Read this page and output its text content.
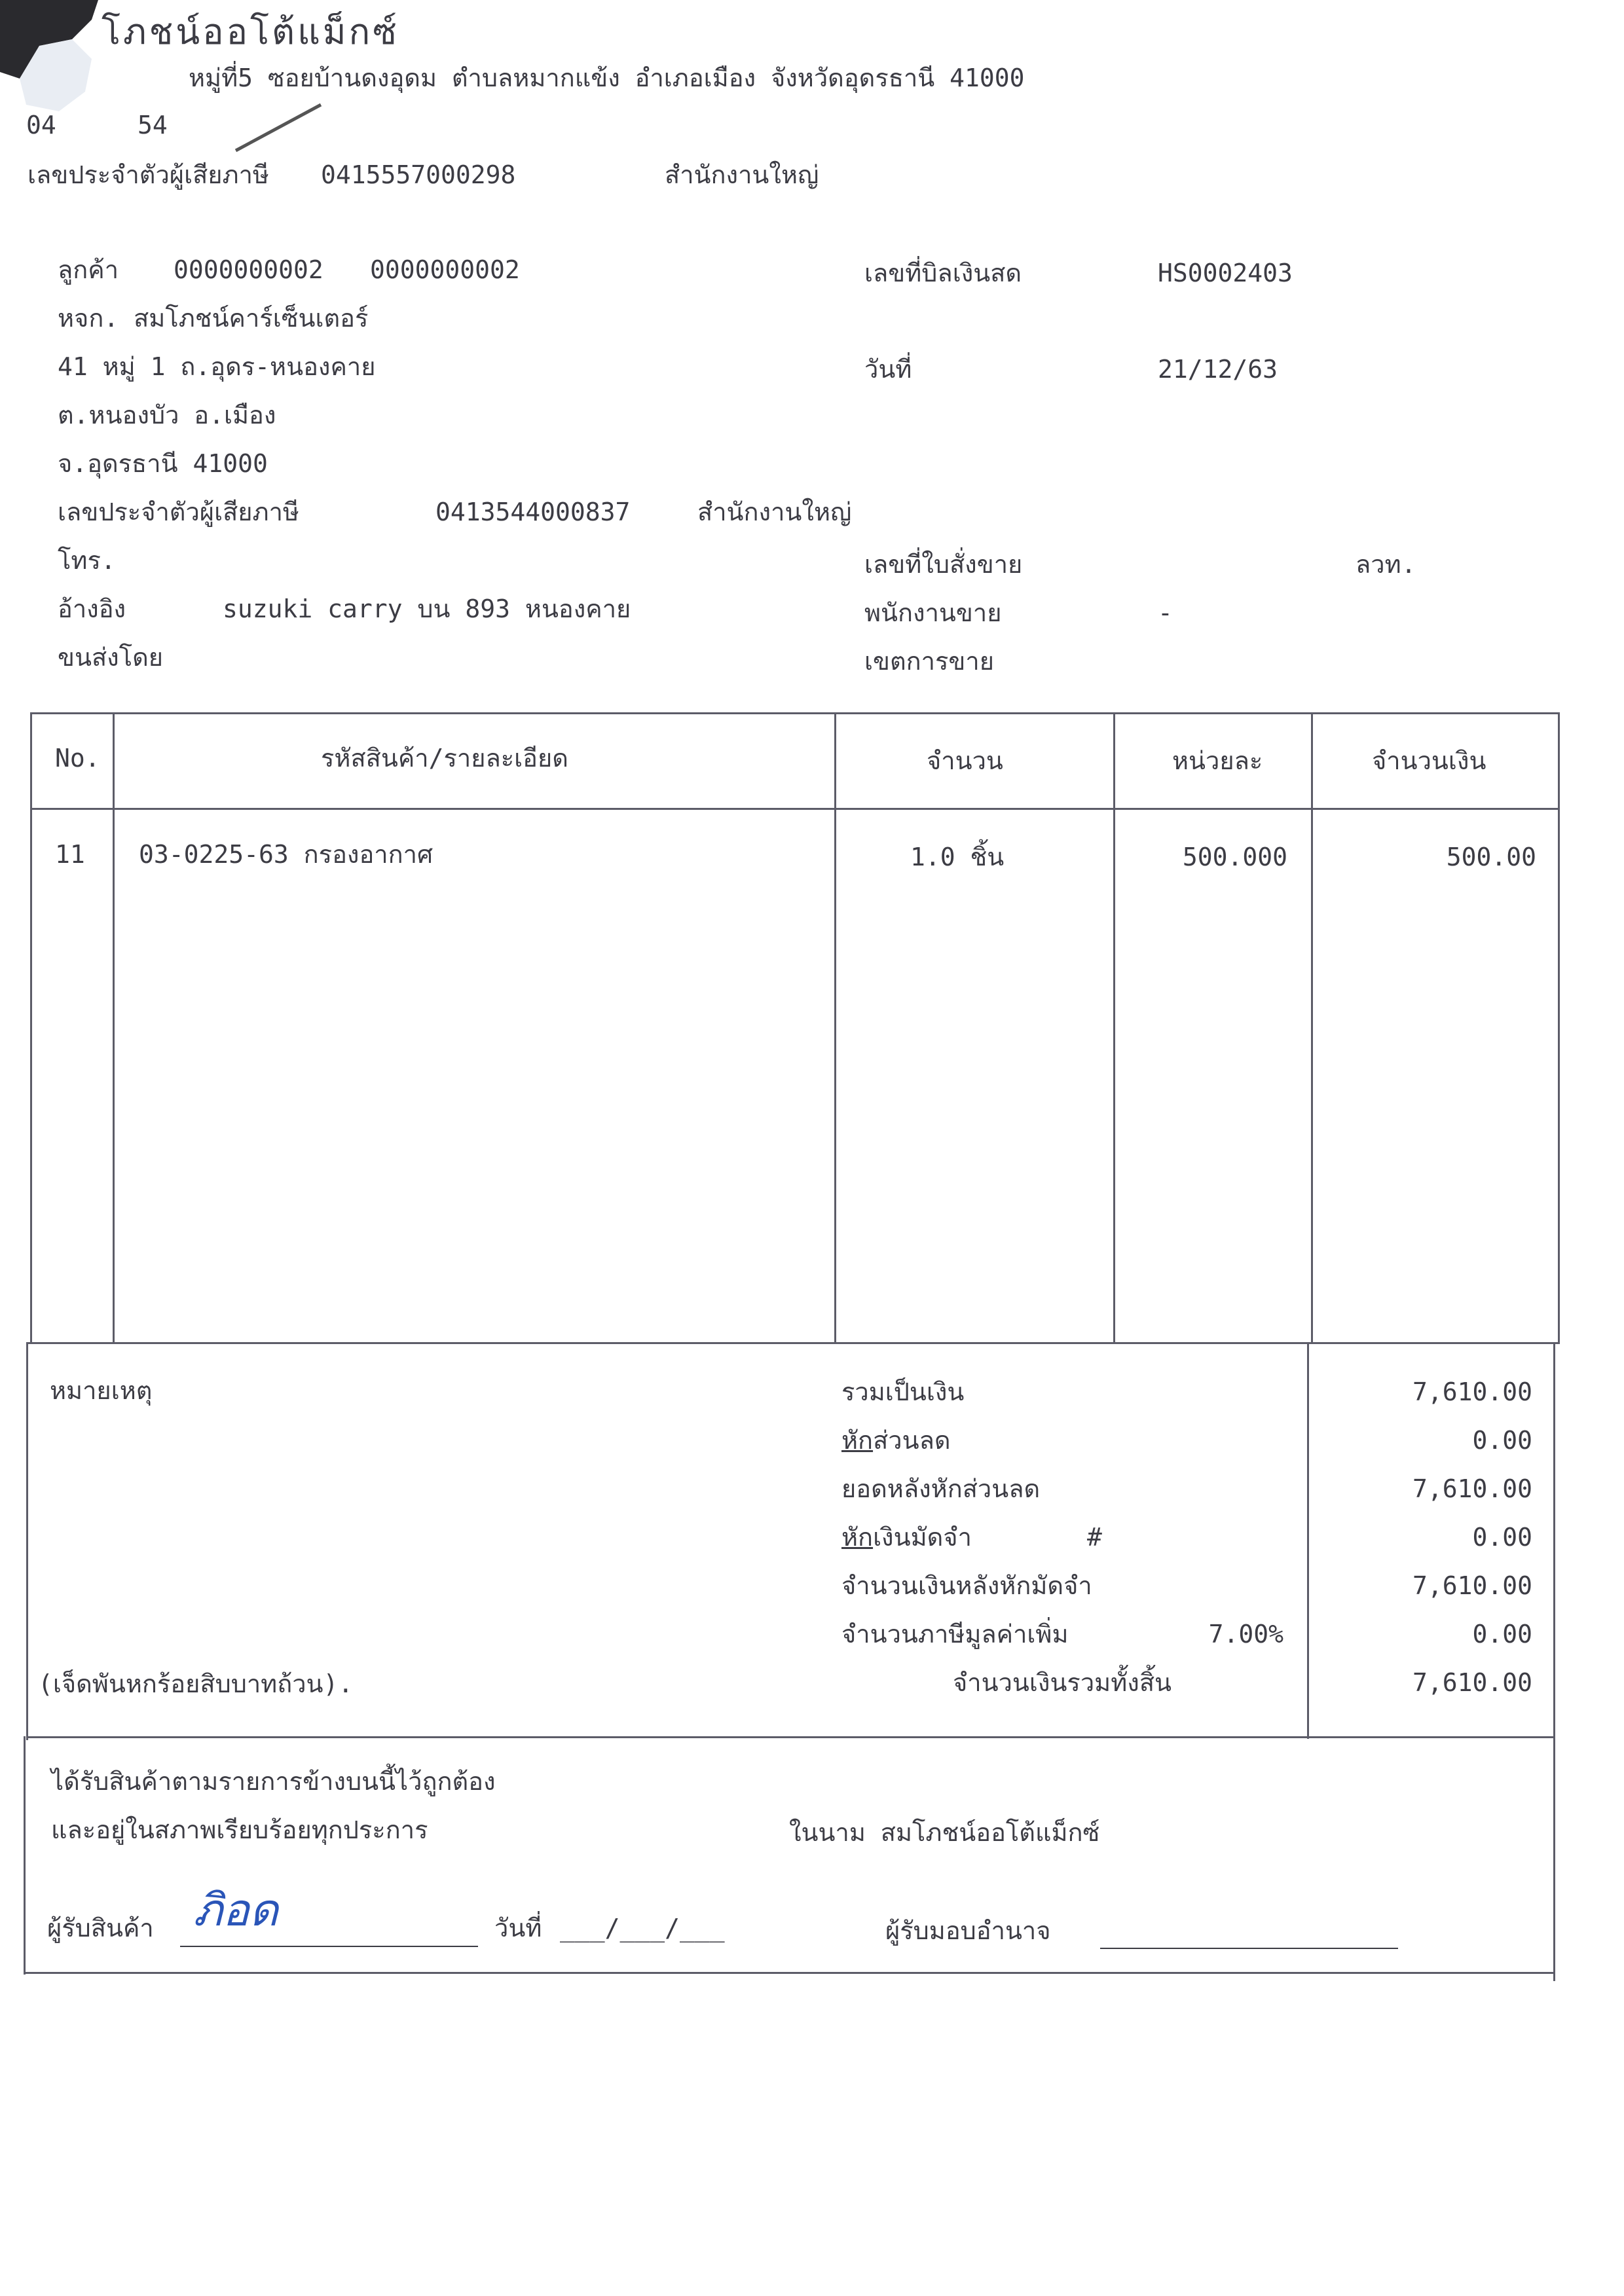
โภชน์ออโต้แม็กซ์
หมู่ที่5 ซอยบ้านดงอุดม ตำบลหมากแข้ง อำเภอเมือง จังหวัดอุดรธานี 41000
04	54
เลขประจำตัวผู้เสียภาษี 0415557000298	สำนักงานใหญ่
ลูกค้า 0000000002 0000000002
หจก. สมโภชน์คาร์เซ็นเตอร์
41 หมู่ 1 ถ.อุดร-หนองคาย
ต.หนองบัว อ.เมือง
จ.อุดรธานี 41000
เลขประจำตัวผู้เสียภาษี	0413544000837	สำนักงานใหญ่
โทร.
อ้างอิง	suzuki carry บน 893 หนองคาย
ขนส่งโดย
เลขที่บิลเงินสด	HS0002403
วันที่	21/12/63
เลขที่ใบสั่งขาย	ลวท.
พนักงานขาย	-
เขตการขาย
No.	รหัสสินค้า/รายละเอียด	จำนวน	หน่วยละ	จำนวนเงิน
11 03-0225-63 กรองอากาศ	1.0 ชิ้น	500.000	500.00
หมายเหตุ
(เจ็ดพันหกร้อยสิบบาทถ้วน).
รวมเป็นเงิน	7,610.00
หักส่วนลด	0.00
ยอดหลังหักส่วนลด	7,610.00
หักเงินมัดจำ	#	0.00
จำนวนเงินหลังหักมัดจำ	7,610.00
จำนวนภาษีมูลค่าเพิ่ม	7.00%	0.00
จำนวนเงินรวมทั้งสิ้น	7,610.00
ได้รับสินค้าตามรายการข้างบนนี้ไว้ถูกต้อง
และอยู่ในสภาพเรียบร้อยทุกประการ	ในนาม สมโภชน์ออโต้แม็กซ์
ผู้รับสินค้า ภิอด	วันที่ ___/___/___	ผู้รับมอบอำนาจ
